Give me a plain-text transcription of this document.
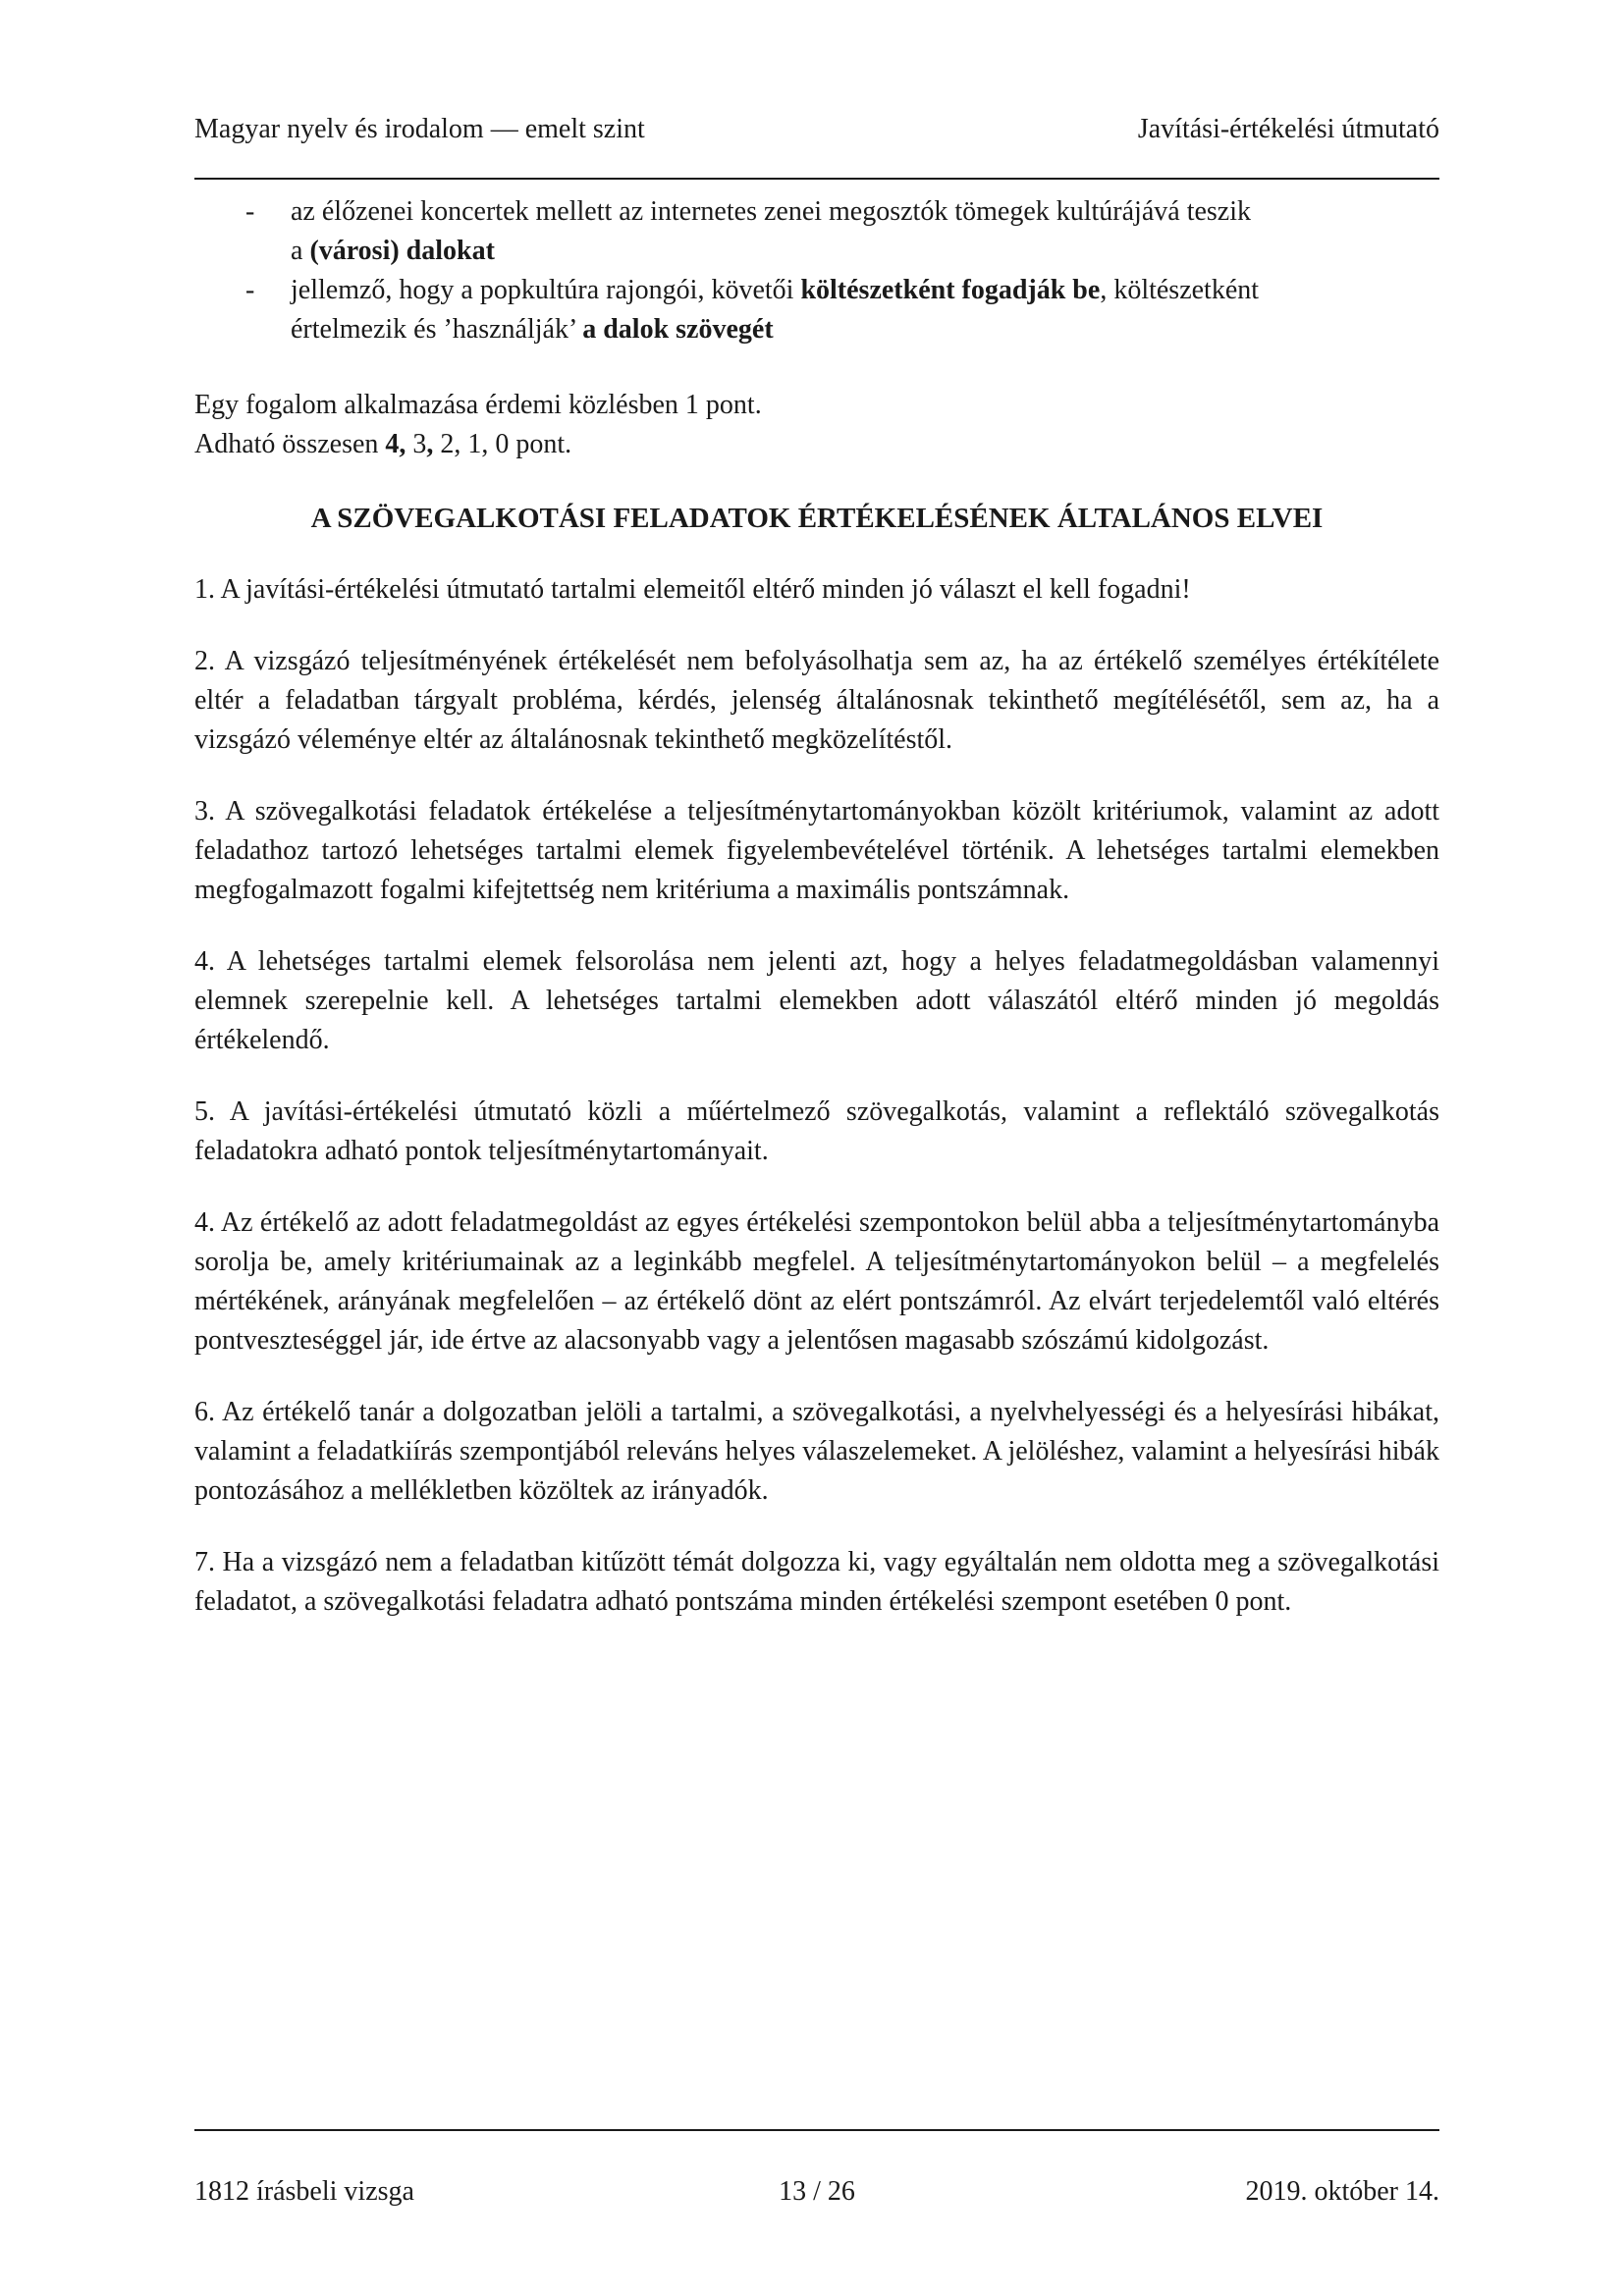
Magyar nyelv és irodalom — emelt szint	Javítási-értékelési útmutató
-	az élőzenei koncertek mellett az internetes zenei megosztók tömegek kultúrájává teszik
a (városi) dalokat
-	jellemző, hogy a popkultúra rajongói, követői költészetként fogadják be, költészetként
értelmezik és ’használják’ a dalok szövegét

Egy fogalom alkalmazása érdemi közlésben 1 pont.

Adható összesen 4, 3, 2, 1, 0 pont.

A SZÖVEGALKOTÁSI FELADATOK ÉRTÉKELÉSÉNEK ÁLTALÁNOS ELVEI

1. A javítási-értékelési útmutató tartalmi elemeitől eltérő minden jó választ el kell fogadni!

2. A vizsgázó teljesítményének értékelését nem befolyásolhatja sem az, ha az értékelő személyes értékítélete eltér a feladatban tárgyalt probléma, kérdés, jelenség általánosnak tekinthető megítélésétől, sem az, ha a vizsgázó véleménye eltér az általánosnak tekinthető megközelítéstől.

3. A szövegalkotási feladatok értékelése a teljesítménytartományokban közölt kritériumok, valamint az adott feladathoz tartozó lehetséges tartalmi elemek figyelembevételével történik. A lehetséges tartalmi elemekben megfogalmazott fogalmi kifejtettség nem kritériuma a maximális pontszámnak.

4. A lehetséges tartalmi elemek felsorolása nem jelenti azt, hogy a helyes feladatmegoldásban valamennyi elemnek szerepelnie kell. A lehetséges tartalmi elemekben adott válaszától eltérő minden jó megoldás értékelendő.

5. A javítási-értékelési útmutató közli a műértelmező szövegalkotás, valamint a reflektáló szövegalkotás feladatokra adható pontok teljesítménytartományait.

4. Az értékelő az adott feladatmegoldást az egyes értékelési szempontokon belül abba a teljesítménytartományba sorolja be, amely kritériumainak az a leginkább megfelel. A teljesítménytartományokon belül – a megfelelés mértékének, arányának megfelelően – az értékelő dönt az elért pontszámról. Az elvárt terjedelemtől való eltérés pontveszteséggel jár, ide értve az alacsonyabb vagy a jelentősen magasabb szószámú kidolgozást.

6. Az értékelő tanár a dolgozatban jelöli a tartalmi, a szövegalkotási, a nyelvhelyességi és a helyesírási hibákat, valamint a feladatkiírás szempontjából releváns helyes válaszelemeket. A jelöléshez, valamint a helyesírási hibák pontozásához a mellékletben közöltek az irányadók.

7. Ha a vizsgázó nem a feladatban kitűzött témát dolgozza ki, vagy egyáltalán nem oldotta meg a szövegalkotási feladatot, a szövegalkotási feladatra adható pontszáma minden értékelési szempont esetében 0 pont.

1812 írásbeli vizsga	13 / 26	2019. október 14.
